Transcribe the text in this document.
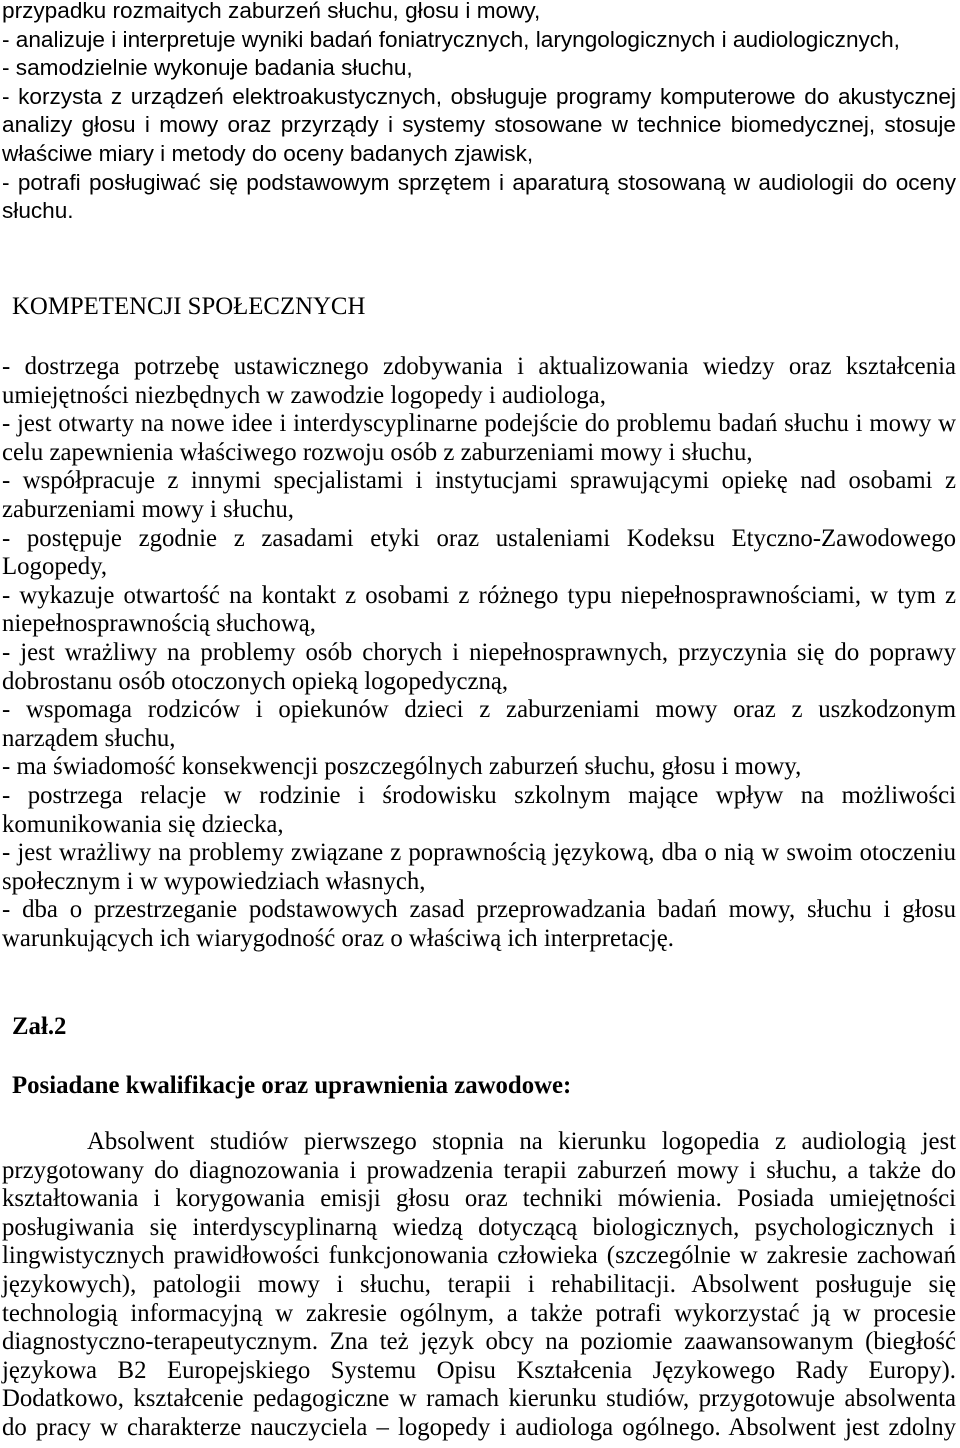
przypadku rozmaitych zaburzeń słuchu, głosu i mowy,
- analizuje i interpretuje wyniki badań foniatrycznych, laryngologicznych i audiologicznych,
- samodzielnie wykonuje badania słuchu,
- korzysta z urządzeń elektroakustycznych, obsługuje programy komputerowe do akustycznej
analizy głosu i mowy oraz przyrządy i systemy stosowane w technice biomedycznej, stosuje
właściwe miary i metody do oceny badanych zjawisk,
- potrafi posługiwać się podstawowym sprzętem i aparaturą stosowaną w audiologii do oceny
słuchu.
KOMPETENCJI SPOŁECZNYCH
- dostrzega potrzebę ustawicznego zdobywania i aktualizowania wiedzy oraz kształcenia
umiejętności niezbędnych w zawodzie logopedy i audiologa,
- jest otwarty na nowe idee i interdyscyplinarne podejście do problemu badań słuchu i mowy w
celu zapewnienia właściwego rozwoju osób z zaburzeniami mowy i słuchu,
- współpracuje z innymi specjalistami i instytucjami sprawującymi opiekę nad osobami z
zaburzeniami mowy i słuchu,
- postępuje zgodnie z zasadami etyki oraz ustaleniami Kodeksu Etyczno-Zawodowego
Logopedy,
- wykazuje otwartość na kontakt z osobami z różnego typu niepełnosprawnościami, w tym z
niepełnosprawnością słuchową,
- jest wrażliwy na problemy osób chorych i niepełnosprawnych, przyczynia się do poprawy
dobrostanu osób otoczonych opieką logopedyczną,
- wspomaga rodziców i opiekunów dzieci z zaburzeniami mowy oraz z uszkodzonym
narządem słuchu,
- ma świadomość konsekwencji poszczególnych zaburzeń słuchu, głosu i mowy,
- postrzega relacje w rodzinie i środowisku szkolnym mające wpływ na możliwości
komunikowania się dziecka,
- jest wrażliwy na problemy związane z poprawnością językową, dba o nią w swoim otoczeniu
społecznym i w wypowiedziach własnych,
- dba o przestrzeganie podstawowych zasad przeprowadzania badań mowy, słuchu i głosu
warunkujących ich wiarygodność oraz o właściwą ich interpretację.
Zał.2
Posiadane kwalifikacje oraz uprawnienia zawodowe:
Absolwent studiów pierwszego stopnia na kierunku logopedia z audiologią jest
przygotowany do diagnozowania i prowadzenia terapii zaburzeń mowy i słuchu, a także do
kształtowania i korygowania emisji głosu oraz techniki mówienia. Posiada umiejętności
posługiwania się interdyscyplinarną wiedzą dotyczącą biologicznych, psychologicznych i
lingwistycznych prawidłowości funkcjonowania człowieka (szczególnie w zakresie zachowań
językowych), patologii mowy i słuchu, terapii i rehabilitacji. Absolwent posługuje się
technologią informacyjną w zakresie ogólnym, a także potrafi wykorzystać ją w procesie
diagnostyczno-terapeutycznym. Zna też język obcy na poziomie zaawansowanym (biegłość
językowa B2 Europejskiego Systemu Opisu Kształcenia Językowego Rady Europy).
Dodatkowo, kształcenie pedagogiczne w ramach kierunku studiów, przygotowuje absolwenta
do pracy w charakterze nauczyciela – logopedy i audiologa ogólnego. Absolwent jest zdolny
